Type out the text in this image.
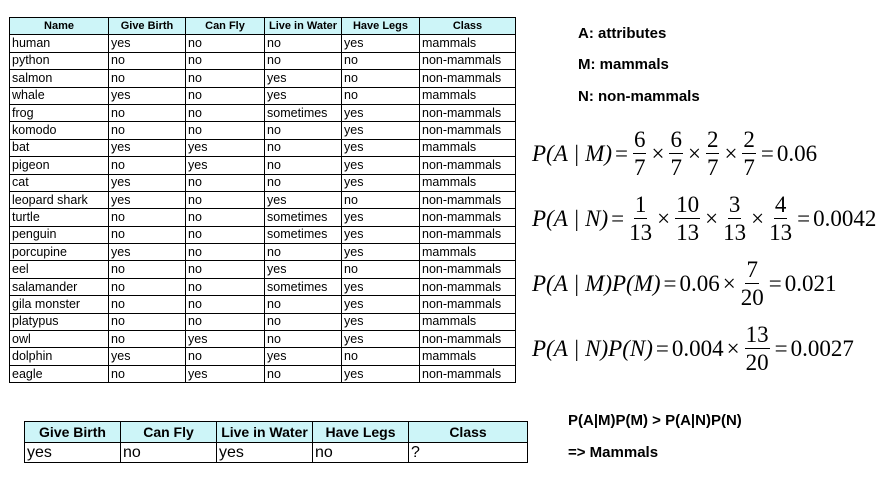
Name	Give Birth	Can Fly	Live in Water	Have Legs	Class
human	yes	no	no	yes	mammals
python	no	no	no	no	non-mammals
salmon	no	no	yes	no	non-mammals
whale	yes	no	yes	no	mammals
frog	no	no	sometimes	yes	non-mammals
komodo	no	no	no	yes	non-mammals
bat	yes	yes	no	yes	mammals
pigeon	no	yes	no	yes	non-mammals
cat	yes	no	no	yes	mammals
leopard shark	yes	no	yes	no	non-mammals
turtle	no	no	sometimes	yes	non-mammals
penguin	no	no	sometimes	yes	non-mammals
porcupine	yes	no	no	yes	mammals
eel	no	no	yes	no	non-mammals
salamander	no	no	sometimes	yes	non-mammals
gila monster	no	no	no	yes	non-mammals
platypus	no	no	no	yes	mammals
owl	no	yes	no	yes	non-mammals
dolphin	yes	no	yes	no	mammals
eagle	no	yes	no	yes	non-mammals
A: attributes
M: mammals
N: non-mammals
P(A | $M) = \frac{6}{7} \times \frac{6}{7} \times \frac{2}{7} \times \frac{2}{7} = 0.06$
P(A | $N) = \frac{1}{13} \times \frac{10}{13} \times \frac{3}{13} \times \frac{4}{13} = 0.0042$
P(A | $M)P(M) = 0.06 \times \frac{7}{20} = 0.021$
P(A | $N)P(N) = 0.004 \times \frac{13}{20} = 0.0027$
Give Birth	Can Fly	Live in Water	Have Legs	Class
yes	no	yes	no	?
P(A|M)P(M) > P(A|N)P(N)
=> Mammals
